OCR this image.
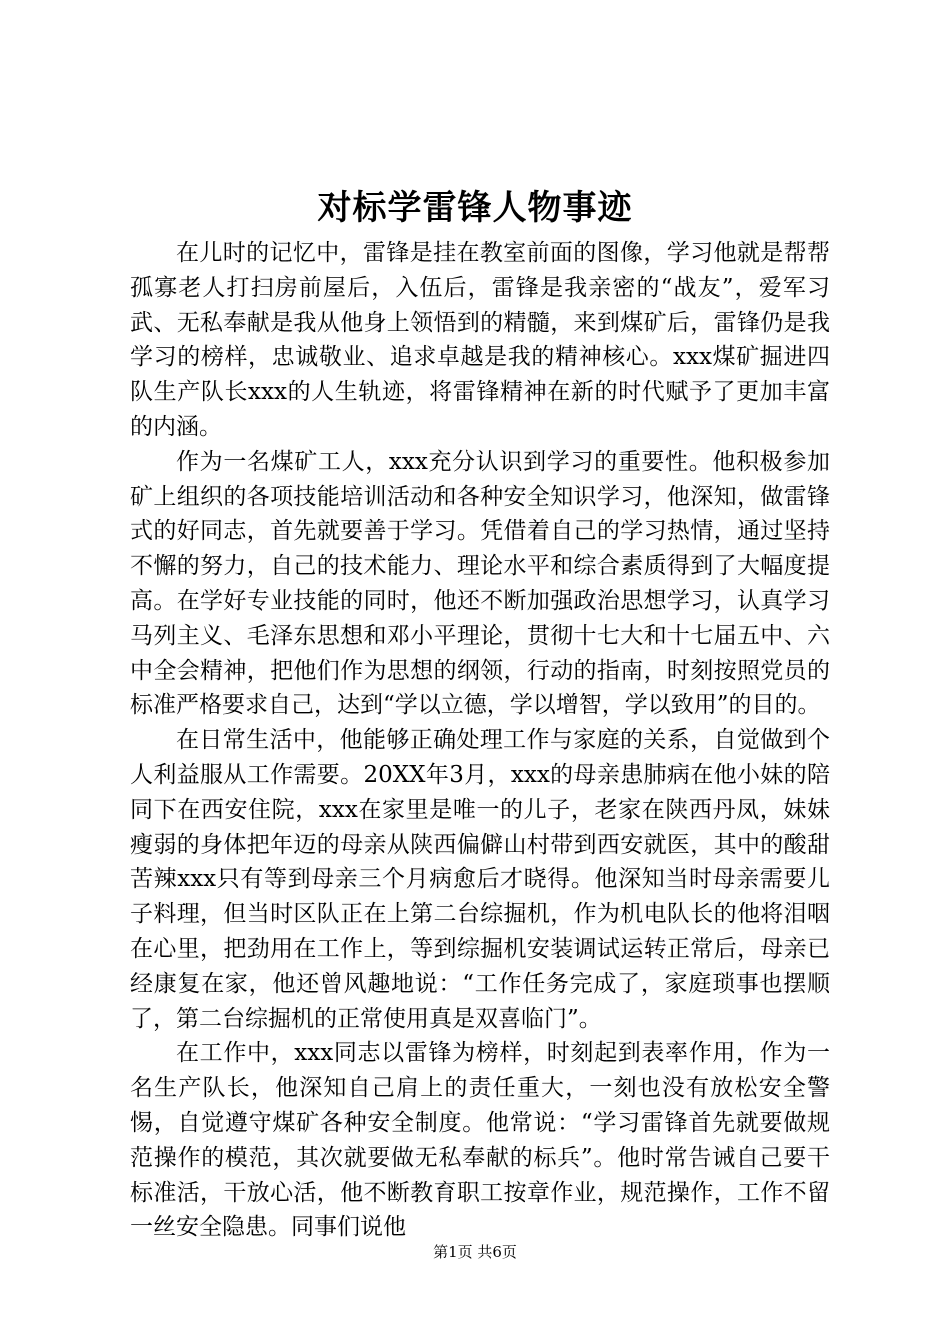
对标学雷锋人物事迹

在儿时的记忆中，雷锋是挂在教室前面的图像，学习他就是帮帮孤寡老人打扫房前屋后，入伍后，雷锋是我亲密的“战友”，爱军习武、无私奉献是我从他身上领悟到的精髓，来到煤矿后，雷锋仍是我学习的榜样，忠诚敬业、追求卓越是我的精神核心。xxx煤矿掘进四队生产队长xxx的人生轨迹，将雷锋精神在新的时代赋予了更加丰富的内涵。

作为一名煤矿工人，xxx充分认识到学习的重要性。他积极参加矿上组织的各项技能培训活动和各种安全知识学习，他深知，做雷锋式的好同志，首先就要善于学习。凭借着自己的学习热情，通过坚持不懈的努力，自己的技术能力、理论水平和综合素质得到了大幅度提高。在学好专业技能的同时，他还不断加强政治思想学习，认真学习马列主义、毛泽东思想和邓小平理论，贯彻十七大和十七届五中、六中全会精神，把他们作为思想的纲领，行动的指南，时刻按照党员的标准严格要求自己，达到“学以立德，学以增智，学以致用”的目的。

在日常生活中，他能够正确处理工作与家庭的关系，自觉做到个人利益服从工作需要。20XX年3月，xxx的母亲患肺病在他小妹的陪同下在西安住院，xxx在家里是唯一的儿子，老家在陕西丹凤，妹妹瘦弱的身体把年迈的母亲从陕西偏僻山村带到西安就医，其中的酸甜苦辣xxx只有等到母亲三个月病愈后才晓得。他深知当时母亲需要儿子料理，但当时区队正在上第二台综掘机，作为机电队长的他将泪咽在心里，把劲用在工作上，等到综掘机安装调试运转正常后，母亲已经康复在家，他还曾风趣地说：“工作任务完成了，家庭琐事也摆顺了，第二台综掘机的正常使用真是双喜临门”。

在工作中，xxx同志以雷锋为榜样，时刻起到表率作用，作为一名生产队长，他深知自己肩上的责任重大，一刻也没有放松安全警惕，自觉遵守煤矿各种安全制度。他常说：“学习雷锋首先就要做规范操作的模范，其次就要做无私奉献的标兵”。他时常告诫自己要干标准活，干放心活，他不断教育职工按章作业，规范操作，工作不留一丝安全隐患。同事们说他

第1页 共6页
